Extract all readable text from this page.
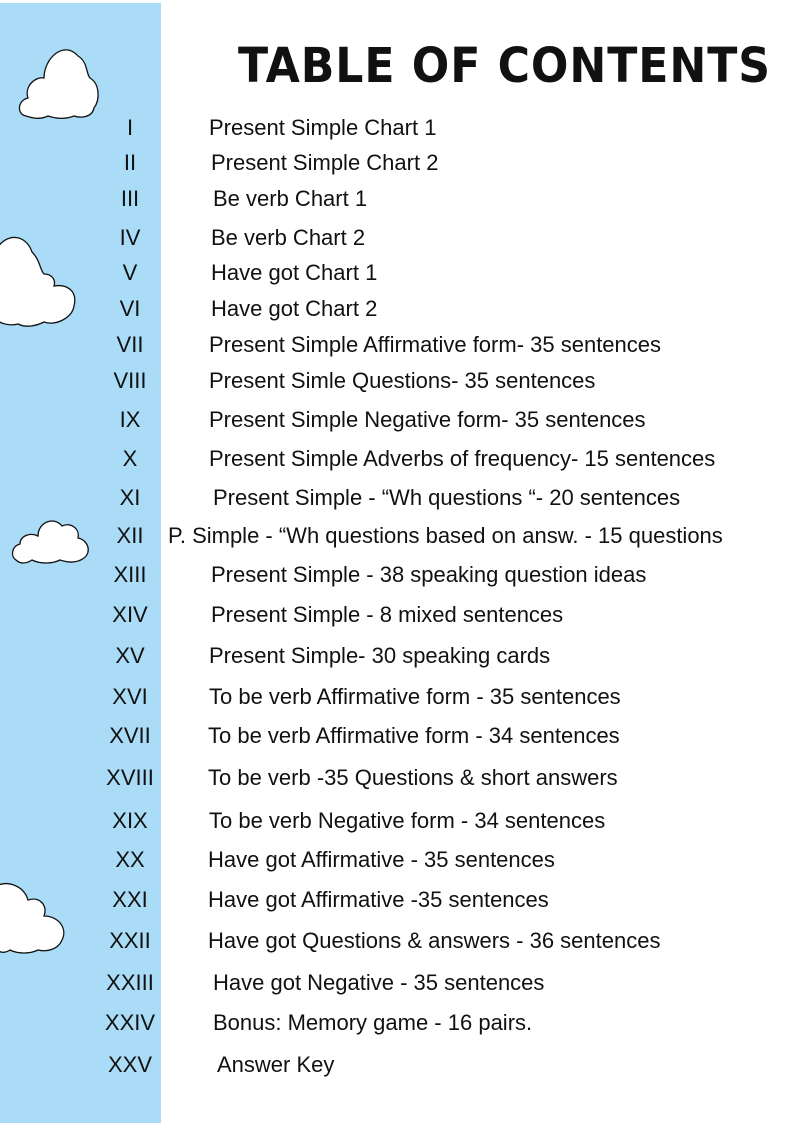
TABLE OF CONTENTS
I	Present Simple Chart 1
II	Present Simple Chart 2
III	Be verb Chart 1
IV	Be verb Chart 2
V	Have got Chart 1
VI	Have got Chart 2
VII	Present Simple Affirmative form- 35 sentences
VIII	Present Simle Questions- 35 sentences
IX	Present Simple Negative form- 35 sentences
X	Present Simple Adverbs of frequency- 15 sentences
XI	Present Simple - “Wh questions “- 20 sentences
XII	P. Simple - “Wh questions based on answ. - 15 questions
XIII	Present Simple - 38 speaking question ideas
XIV	Present Simple - 8 mixed sentences
XV	Present Simple- 30 speaking cards
XVI	To be verb Affirmative form - 35 sentences
XVII	To be verb Affirmative form - 34 sentences
XVIII	To be verb -35 Questions & short answers
XIX	To be verb Negative form - 34 sentences
XX	Have got Affirmative - 35 sentences
XXI	Have got Affirmative -35 sentences
XXII	Have got Questions & answers - 36 sentences
XXIII	Have got Negative - 35 sentences
XXIV	Bonus: Memory game - 16 pairs.
XXV	Answer Key
